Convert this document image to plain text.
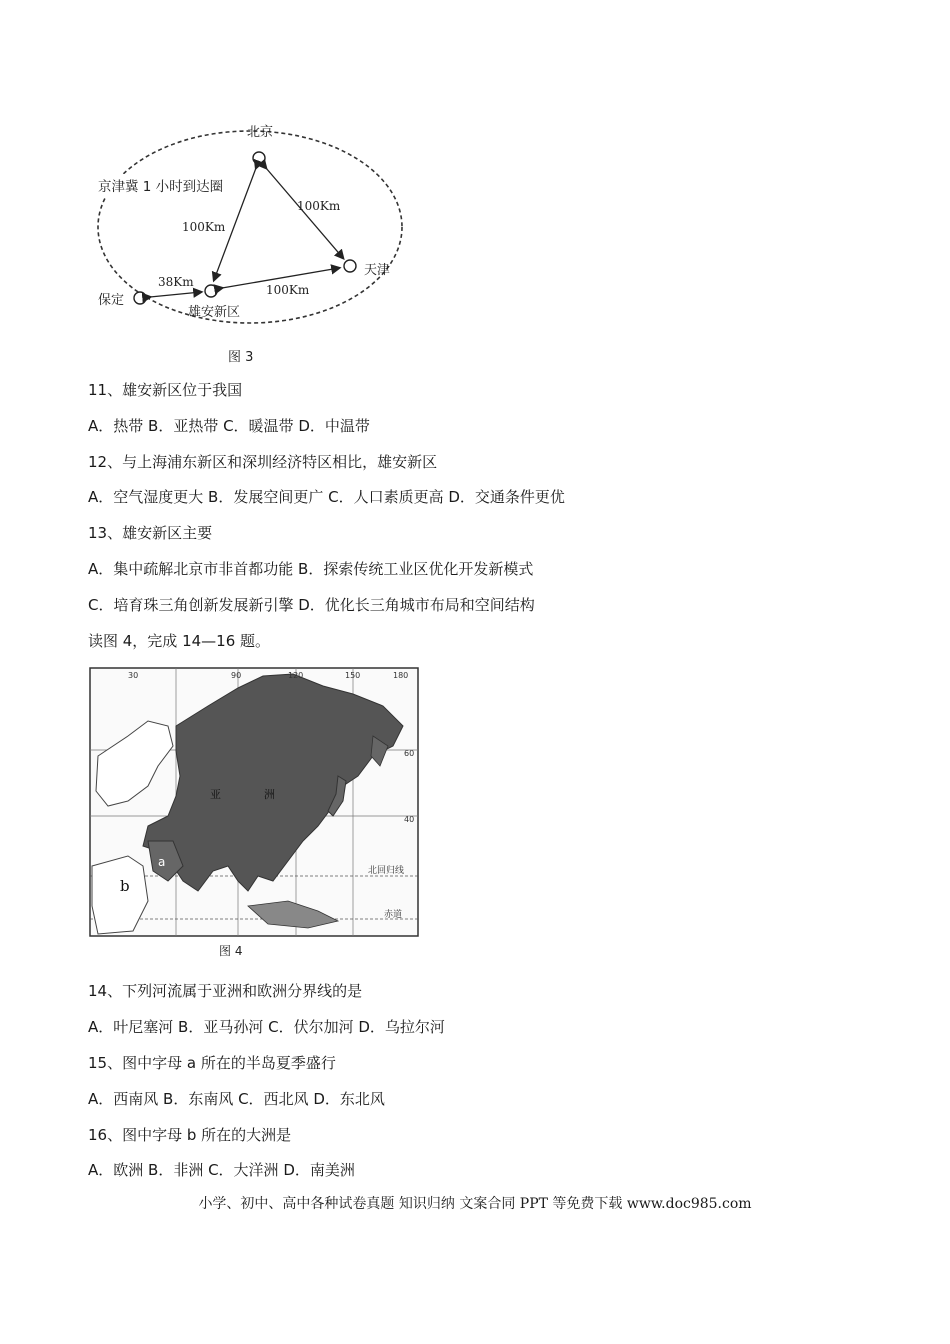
京津冀 1 小时到达圈
北京
天津
雄安新区
保定
100Km
100Km
100Km
38Km
图 3
11、雄安新区位于我国
A．热带 B．亚热带 C．暖温带 D．中温带
12、与上海浦东新区和深圳经济特区相比，雄安新区
A．空气湿度更大 B．发展空间更广 C．人口素质更高 D．交通条件更优
13、雄安新区主要
A．集中疏解北京市非首都功能 B．探索传统工业区优化开发新模式
C．培育珠三角创新发展新引擎 D．优化长三角城市布局和空间结构
读图 4，完成 14—16 题。
亚	洲
a
b
北回归线
赤道
30	90	120	150	180
60
40
图 4
14、下列河流属于亚洲和欧洲分界线的是
A．叶尼塞河 B．亚马孙河 C．伏尔加河 D．乌拉尔河
15、图中字母 a 所在的半岛夏季盛行
A．西南风 B．东南风 C．西北风 D．东北风
16、图中字母 b 所在的大洲是
A．欧洲 B．非洲 C．大洋洲 D．南美洲
小学、初中、高中各种试卷真题 知识归纳 文案合同 PPT 等免费下载 www.doc985.com
